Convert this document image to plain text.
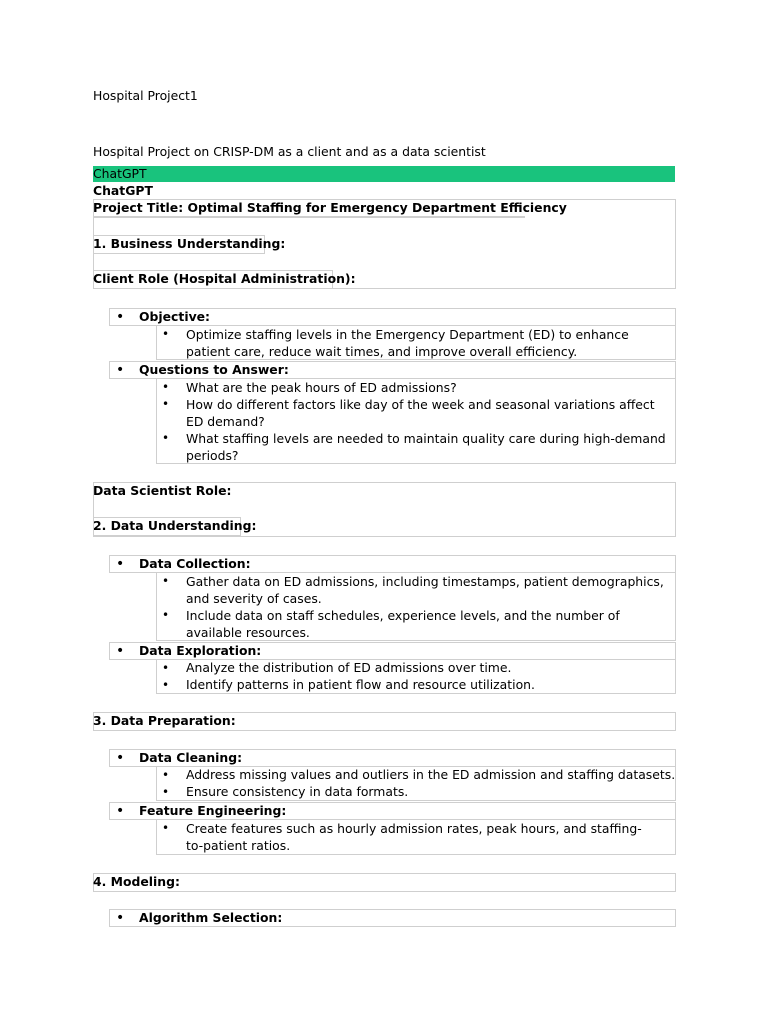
Hospital Project1
Hospital Project on CRISP-DM as a client and as a data scientist
ChatGPT
ChatGPT
Project Title: Optimal Staffing for Emergency Department Efficiency
1. Business Understanding:
Client Role (Hospital Administration):
• Objective:
• Optimize staffing levels in the Emergency Department (ED) to enhance patient care, reduce wait times, and improve overall efficiency.
• Questions to Answer:
• What are the peak hours of ED admissions?
• How do different factors like day of the week and seasonal variations affect ED demand?
• What staffing levels are needed to maintain quality care during high-demand periods?
Data Scientist Role:
2. Data Understanding:
• Data Collection:
• Gather data on ED admissions, including timestamps, patient demographics, and severity of cases.
• Include data on staff schedules, experience levels, and the number of available resources.
• Data Exploration:
• Analyze the distribution of ED admissions over time.
• Identify patterns in patient flow and resource utilization.
3. Data Preparation:
• Data Cleaning:
• Address missing values and outliers in the ED admission and staffing datasets.
• Ensure consistency in data formats.
• Feature Engineering:
• Create features such as hourly admission rates, peak hours, and staffing-to-patient ratios.
4. Modeling:
• Algorithm Selection:
